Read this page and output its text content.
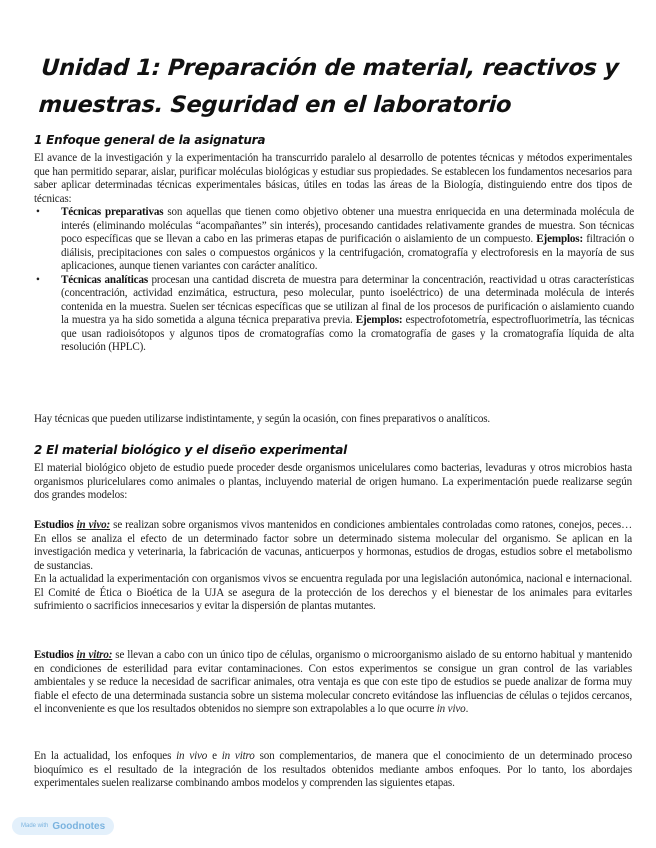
Unidad 1: Preparación de material, reactivos y muestras. Seguridad en el laboratorio
1 Enfoque general de la asignatura

El avance de la investigación y la experimentación ha transcurrido paralelo al desarrollo de potentes técnicas y métodos experimentales que han permitido separar, aislar, purificar moléculas biológicas y estudiar sus propiedades. Se establecen los fundamentos necesarios para saber aplicar determinadas técnicas experimentales básicas, útiles en todas las áreas de la Biología, distinguiendo entre dos tipos de técnicas:

• Técnicas preparativas son aquellas que tienen como objetivo obtener una muestra enriquecida en una determinada molécula de interés (eliminando moléculas “acompañantes” sin interés), procesando cantidades relativamente grandes de muestra. Son técnicas poco específicas que se llevan a cabo en las primeras etapas de purificación o aislamiento de un compuesto. Ejemplos: filtración o diálisis, precipitaciones con sales o compuestos orgánicos y la centrifugación, cromatografía y electroforesis en la mayoría de sus aplicaciones, aunque tienen variantes con carácter analítico.
• Técnicas analíticas procesan una cantidad discreta de muestra para determinar la concentración, reactividad u otras características (concentración, actividad enzimática, estructura, peso molecular, punto isoeléctrico) de una determinada molécula de interés contenida en la muestra. Suelen ser técnicas específicas que se utilizan al final de los procesos de purificación o aislamiento cuando la muestra ya ha sido sometida a alguna técnica preparativa previa. Ejemplos: espectrofotometría, espectrofluorimetría, las técnicas que usan radioisótopos y algunos tipos de cromatografías como la cromatografía de gases y la cromatografía líquida de alta resolución (HPLC).

Hay técnicas que pueden utilizarse indistintamente, y según la ocasión, con fines preparativos o analíticos.

2 El material biológico y el diseño experimental

El material biológico objeto de estudio puede proceder desde organismos unicelulares como bacterias, levaduras y otros microbios hasta organismos pluricelulares como animales o plantas, incluyendo material de origen humano. La experimentación puede realizarse según dos grandes modelos:

Estudios in vivo: se realizan sobre organismos vivos mantenidos en condiciones ambientales controladas como ratones, conejos, peces… En ellos se analiza el efecto de un determinado factor sobre un determinado sistema molecular del organismo. Se aplican en la investigación medica y veterinaria, la fabricación de vacunas, anticuerpos y hormonas, estudios de drogas, estudios sobre el metabolismo de sustancias.

En la actualidad la experimentación con organismos vivos se encuentra regulada por una legislación autonómica, nacional e internacional. El Comité de Ética o Bioética de la UJA se asegura de la protección de los derechos y el bienestar de los animales para evitarles sufrimiento o sacrificios innecesarios y evitar la dispersión de plantas mutantes.

Estudios in vitro: se llevan a cabo con un único tipo de células, organismo o microorganismo aislado de su entorno habitual y mantenido en condiciones de esterilidad para evitar contaminaciones. Con estos experimentos se consigue un gran control de las variables ambientales y se reduce la necesidad de sacrificar animales, otra ventaja es que con este tipo de estudios se puede analizar de forma muy fiable el efecto de una determinada sustancia sobre un sistema molecular concreto evitándose las influencias de células o tejidos cercanos, el inconveniente es que los resultados obtenidos no siempre son extrapolables a lo que ocurre in vivo.

En la actualidad, los enfoques in vivo e in vitro son complementarios, de manera que el conocimiento de un determinado proceso bioquímico es el resultado de la integración de los resultados obtenidos mediante ambos enfoques. Por lo tanto, los abordajes experimentales suelen realizarse combinando ambos modelos y comprenden las siguientes etapas.

Made with Goodnotes
